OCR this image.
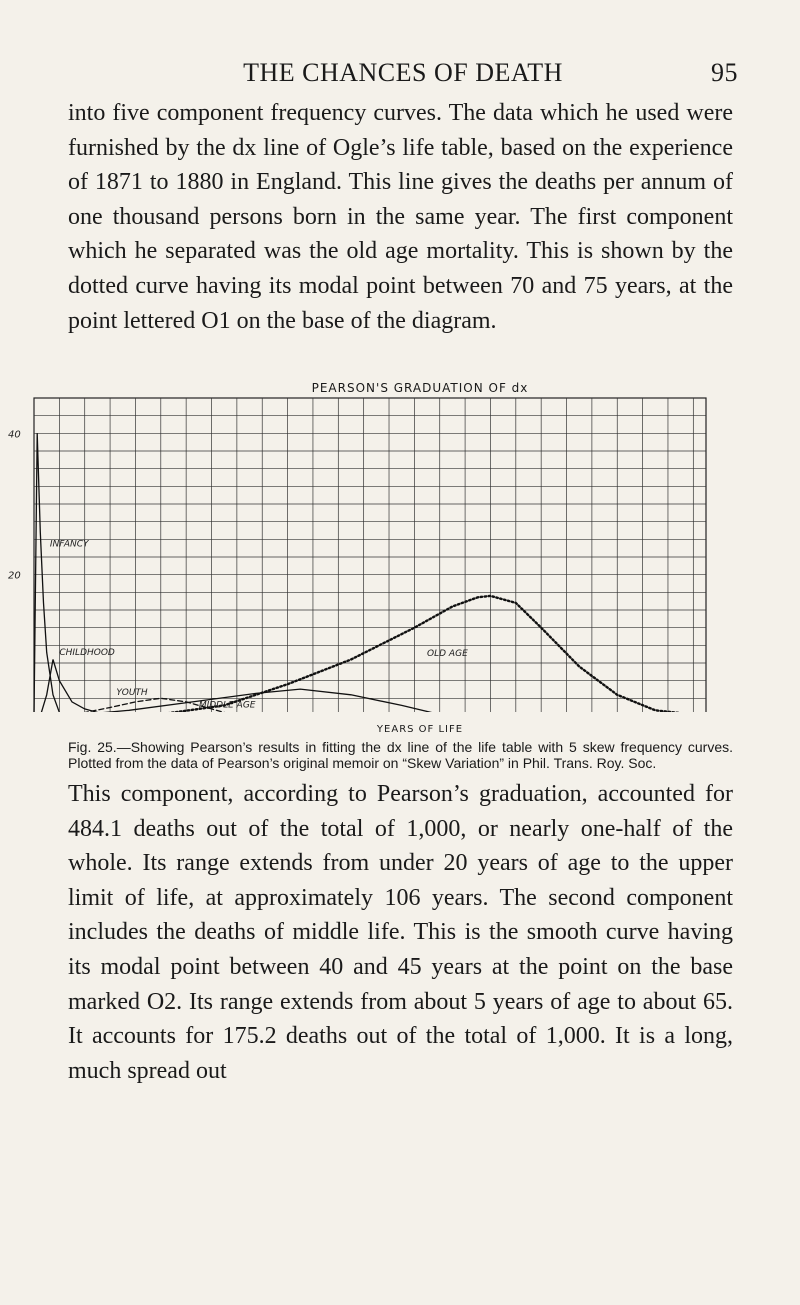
THE CHANCES OF DEATH	95

into five component frequency curves. The data which he used were furnished by the dx line of Ogle’s life table, based on the experience of 1871 to 1880 in England. This line gives the deaths per annum of one thousand persons born in the same year. The first component which he separated was the old age mortality. This is shown by the dotted curve having its modal point between 70 and 75 years, at the point lettered O1 on the base of the diagram.

PEARSON'S GRADUATION OF dx
20
40
INFANCY
CHILDHOOD
YOUTH
MIDDLE AGE
OLD AGE
YEARS OF LIFE
Fig. 25.—Showing Pearson’s results in fitting the dx line of the life table with 5 skew frequency curves. Plotted from the data of Pearson’s original memoir on “Skew Variation” in Phil. Trans. Roy. Soc.

This component, according to Pearson’s graduation, accounted for 484.1 deaths out of the total of 1,000, or nearly one-half of the whole. Its range extends from under 20 years of age to the upper limit of life, at approximately 106 years. The second component includes the deaths of middle life. This is the smooth curve having its modal point between 40 and 45 years at the point on the base marked O2. Its range extends from about 5 years of age to about 65. It accounts for 175.2 deaths out of the total of 1,000. It is a long, much spread out
